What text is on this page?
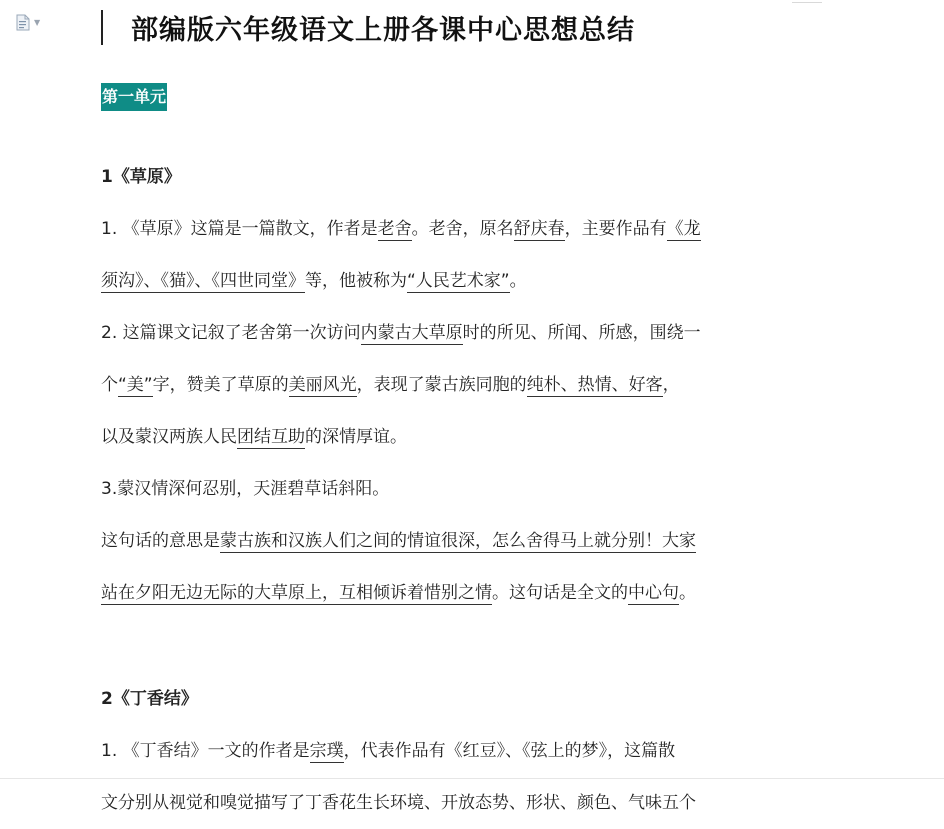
▼	部编版六年级语文上册各课中心思想总结
第一单元

1《草原》

1. 《草原》这篇是一篇散文，作者是老舍。老舍，原名舒庆春，主要作品有《龙

须沟》、《猫》、《四世同堂》等，他被称为“人民艺术家”。

2. 这篇课文记叙了老舍第一次访问内蒙古大草原时的所见、所闻、所感，围绕一

个“美”字，赞美了草原的美丽风光，表现了蒙古族同胞的纯朴、热情、好客，

以及蒙汉两族人民团结互助的深情厚谊。

3.蒙汉情深何忍别，天涯碧草话斜阳。

这句话的意思是蒙古族和汉族人们之间的情谊很深，怎么舍得马上就分别！大家

站在夕阳无边无际的大草原上，互相倾诉着惜别之情。这句话是全文的中心句。

2《丁香结》

1. 《丁香结》一文的作者是宗璞，代表作品有《红豆》、《弦上的梦》，这篇散

文分别从视觉和嗅觉描写了丁香花生长环境、开放态势、形状、颜色、气味五个
